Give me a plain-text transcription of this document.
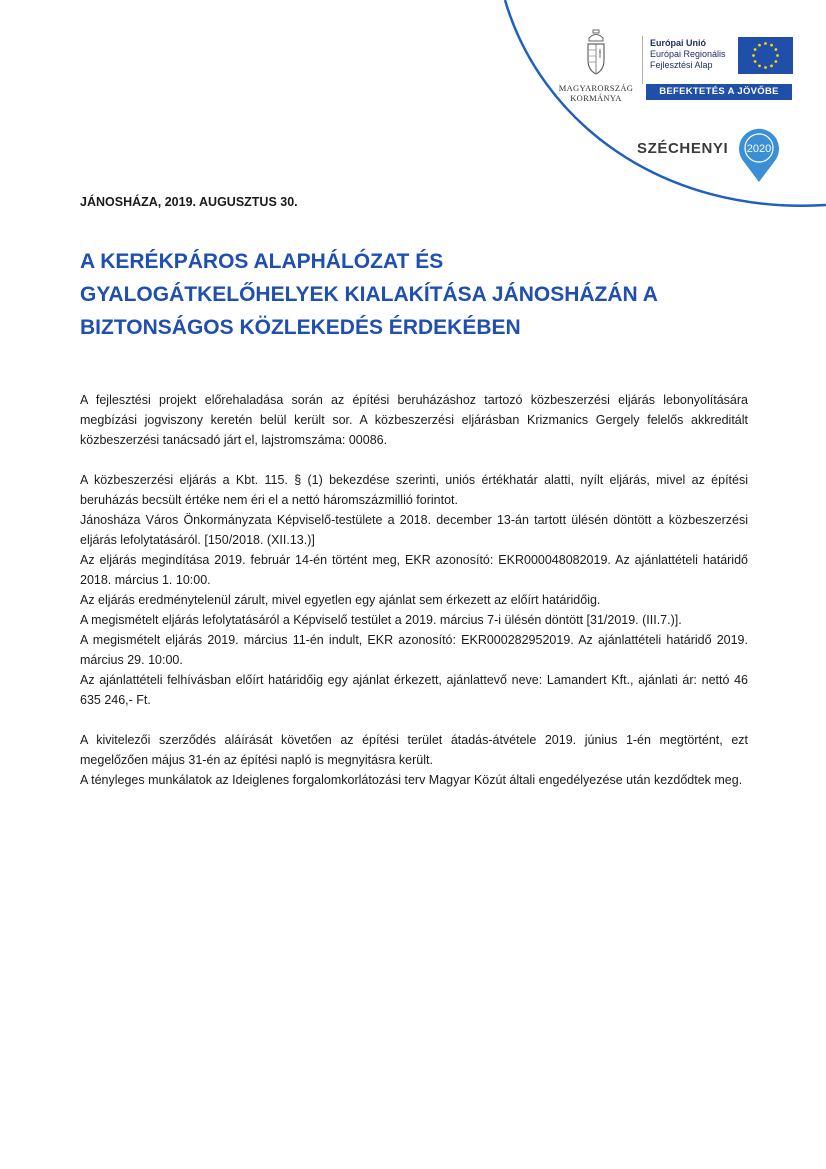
MAGYARORSZÁG
KORMÁNYA
Európai Unió
Európai Regionális
Fejlesztési Alap
BEFEKTETÉS A JÖVŐBE
SZÉCHENYI 2020

JÁNOSHÁZA, 2019. AUGUSZTUS 30.

A KERÉKPÁROS ALAPHÁLÓZAT ÉS
GYALOGÁTKELŐHELYEK KIALAKÍTÁSA JÁNOSHÁZÁN A
BIZTONSÁGOS KÖZLEKEDÉS ÉRDEKÉBEN

A fejlesztési projekt előrehaladása során az építési beruházáshoz tartozó közbeszerzési eljárás lebonyolítására megbízási jogviszony keretén belül került sor. A közbeszerzési eljárásban Krizmanics Gergely felelős akkreditált közbeszerzési tanácsadó járt el, lajstromszáma: 00086.

A közbeszerzési eljárás a Kbt. 115. § (1) bekezdése szerinti, uniós értékhatár alatti, nyílt eljárás, mivel az építési beruházás becsült értéke nem éri el a nettó háromszázmillió forintot.

Jánosháza Város Önkormányzata Képviselő-testülete a 2018. december 13-án tartott ülésén döntött a közbeszerzési eljárás lefolytatásáról. [150/2018. (XII.13.)]

Az eljárás megindítása 2019. február 14-én történt meg, EKR azonosító: EKR000048082019. Az ajánlattételi határidő 2018. március 1. 10:00.

Az eljárás eredménytelenül zárult, mivel egyetlen egy ajánlat sem érkezett az előírt határidőig.

A megismételt eljárás lefolytatásáról a Képviselő testület a 2019. március 7-i ülésén döntött [31/2019. (III.7.)].

A megismételt eljárás 2019. március 11-én indult, EKR azonosító: EKR000282952019. Az ajánlattételi határidő 2019. március 29. 10:00.

Az ajánlattételi felhívásban előírt határidőig egy ajánlat érkezett, ajánlattevő neve: Lamandert Kft., ajánlati ár: nettó 46 635 246,- Ft.

A kivitelezői szerződés aláírását követően az építési terület átadás-átvétele 2019. június 1-én megtörtént, ezt megelőzően május 31-én az építési napló is megnyitásra került.

A tényleges munkálatok az Ideiglenes forgalomkorlátozási terv Magyar Közút általi engedélyezése után kezdődtek meg.
